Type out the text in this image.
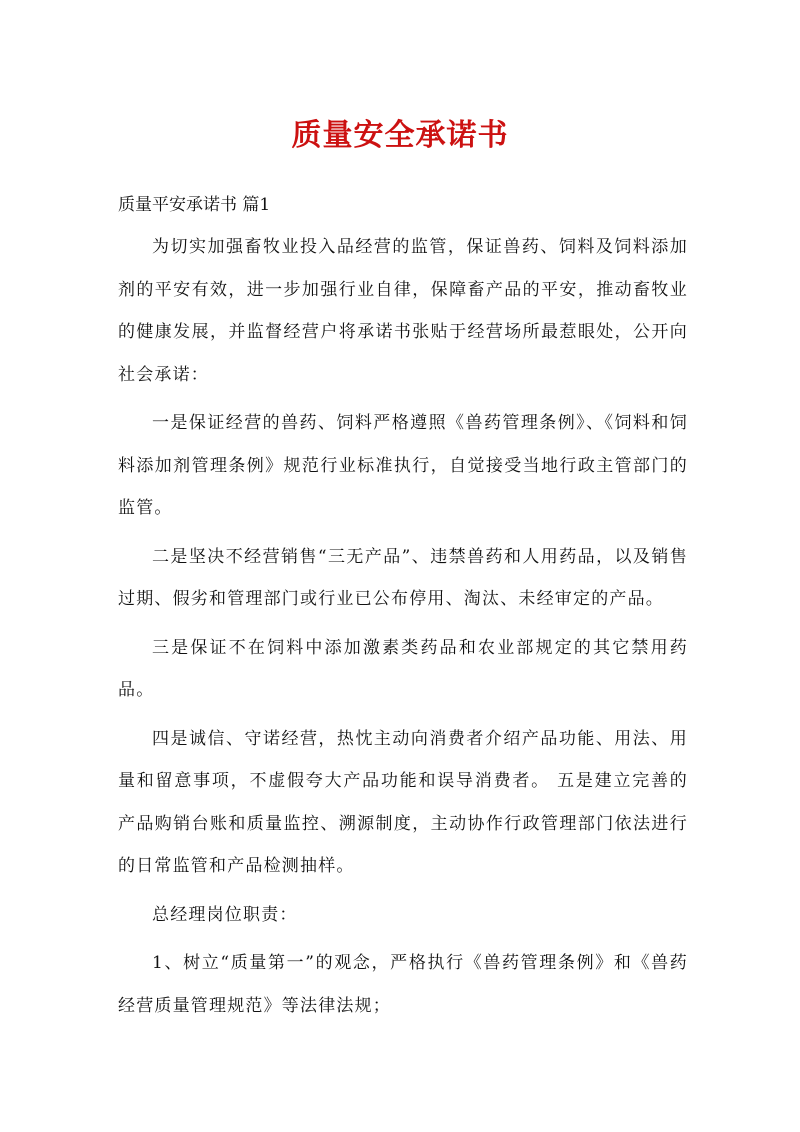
质量安全承诺书

质量平安承诺书 篇1

为切实加强畜牧业投入品经营的监管，保证兽药、饲料及饲料添加剂的平安有效，进一步加强行业自律，保障畜产品的平安，推动畜牧业的健康发展，并监督经营户将承诺书张贴于经营场所最惹眼处，公开向社会承诺：

一是保证经营的兽药、饲料严格遵照《兽药管理条例》、《饲料和饲料添加剂管理条例》规范行业标准执行，自觉接受当地行政主管部门的监管。

二是坚决不经营销售“三无产品”、违禁兽药和人用药品，以及销售过期、假劣和管理部门或行业已公布停用、淘汰、未经审定的产品。

三是保证不在饲料中添加激素类药品和农业部规定的其它禁用药品。

四是诚信、守诺经营，热忱主动向消费者介绍产品功能、用法、用量和留意事项，不虚假夸大产品功能和误导消费者。 五是建立完善的产品购销台账和质量监控、溯源制度，主动协作行政管理部门依法进行的日常监管和产品检测抽样。

总经理岗位职责：

1、树立“质量第一”的观念，严格执行《兽药管理条例》和《兽药经营质量管理规范》等法律法规；
